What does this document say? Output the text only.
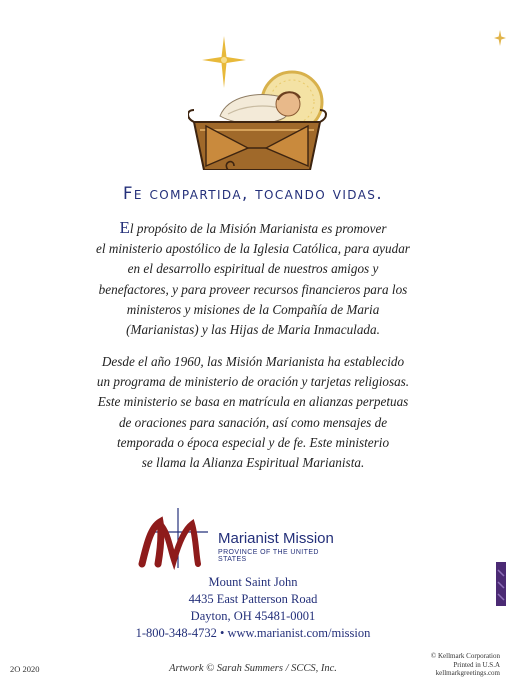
Fe compartida, tocando vidas.

El propósito de la Misión Marianista es promover
el ministerio apostólico de la Iglesia Católica, para ayudar
en el desarrollo espiritual de nuestros amigos y
benefactores, y para proveer recursos financieros para los
ministeros y misiones de la Compañía de Maria
(Marianistas) y las Hijas de Maria Inmaculada.

Desde el año 1960, las Misión Marianista ha establecido
un programa de ministerio de oración y tarjetas religiosas.
Este ministerio se basa en matrícula en alianzas perpetuas
de oraciones para sanación, así como mensajes de
temporada o época especial y de fe. Este ministerio
se llama la Alianza Espiritual Marianista.

Marianist Mission
PROVINCE OF THE UNITED STATES
Mount Saint John
4435 East Patterson Road
Dayton, OH 45481-0001
1-800-348-4732 • www.marianist.com/mission
2O 2020	Artwork © Sarah Summers / SCCS, Inc.
© Kellmark Corporation
Printed in U.S.A
kellmarkgreetings.com
